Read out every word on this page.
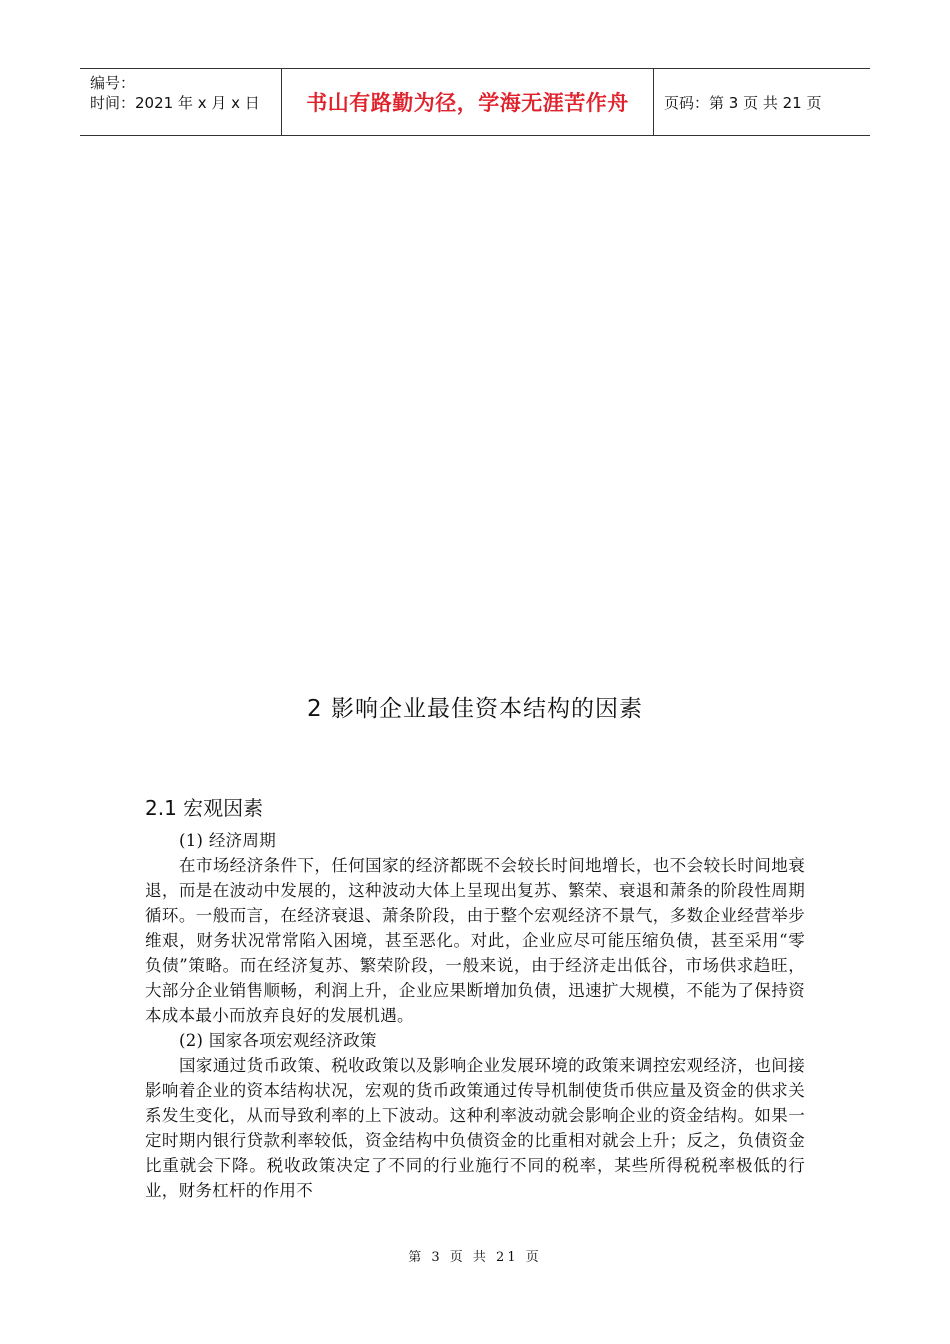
编号：
时间：2021 年 x 月 x 日	书山有路勤为径，学海无涯苦作舟	页码：第 3 页 共 21 页
2 影响企业最佳资本结构的因素
2.1 宏观因素

(1) 经济周期

在市场经济条件下，任何国家的经济都既不会较长时间地增长，也不会较长时间地衰退，而是在波动中发展的，这种波动大体上呈现出复苏、繁荣、衰退和萧条的阶段性周期循环。一般而言，在经济衰退、萧条阶段，由于整个宏观经济不景气，多数企业经营举步维艰，财务状况常常陷入困境，甚至恶化。对此，企业应尽可能压缩负债，甚至采用“零负债”策略。而在经济复苏、繁荣阶段，一般来说，由于经济走出低谷，市场供求趋旺，大部分企业销售顺畅，利润上升，企业应果断增加负债，迅速扩大规模，不能为了保持资本成本最小而放弃良好的发展机遇。

(2) 国家各项宏观经济政策

国家通过货币政策、税收政策以及影响企业发展环境的政策来调控宏观经济，也间接影响着企业的资本结构状况，宏观的货币政策通过传导机制使货币供应量及资金的供求关系发生变化，从而导致利率的上下波动。这种利率波动就会影响企业的资金结构。如果一定时期内银行贷款利率较低，资金结构中负债资金的比重相对就会上升；反之，负债资金比重就会下降。税收政策决定了不同的行业施行不同的税率，某些所得税税率极低的行业，财务杠杆的作用不

第 3 页 共 21 页
